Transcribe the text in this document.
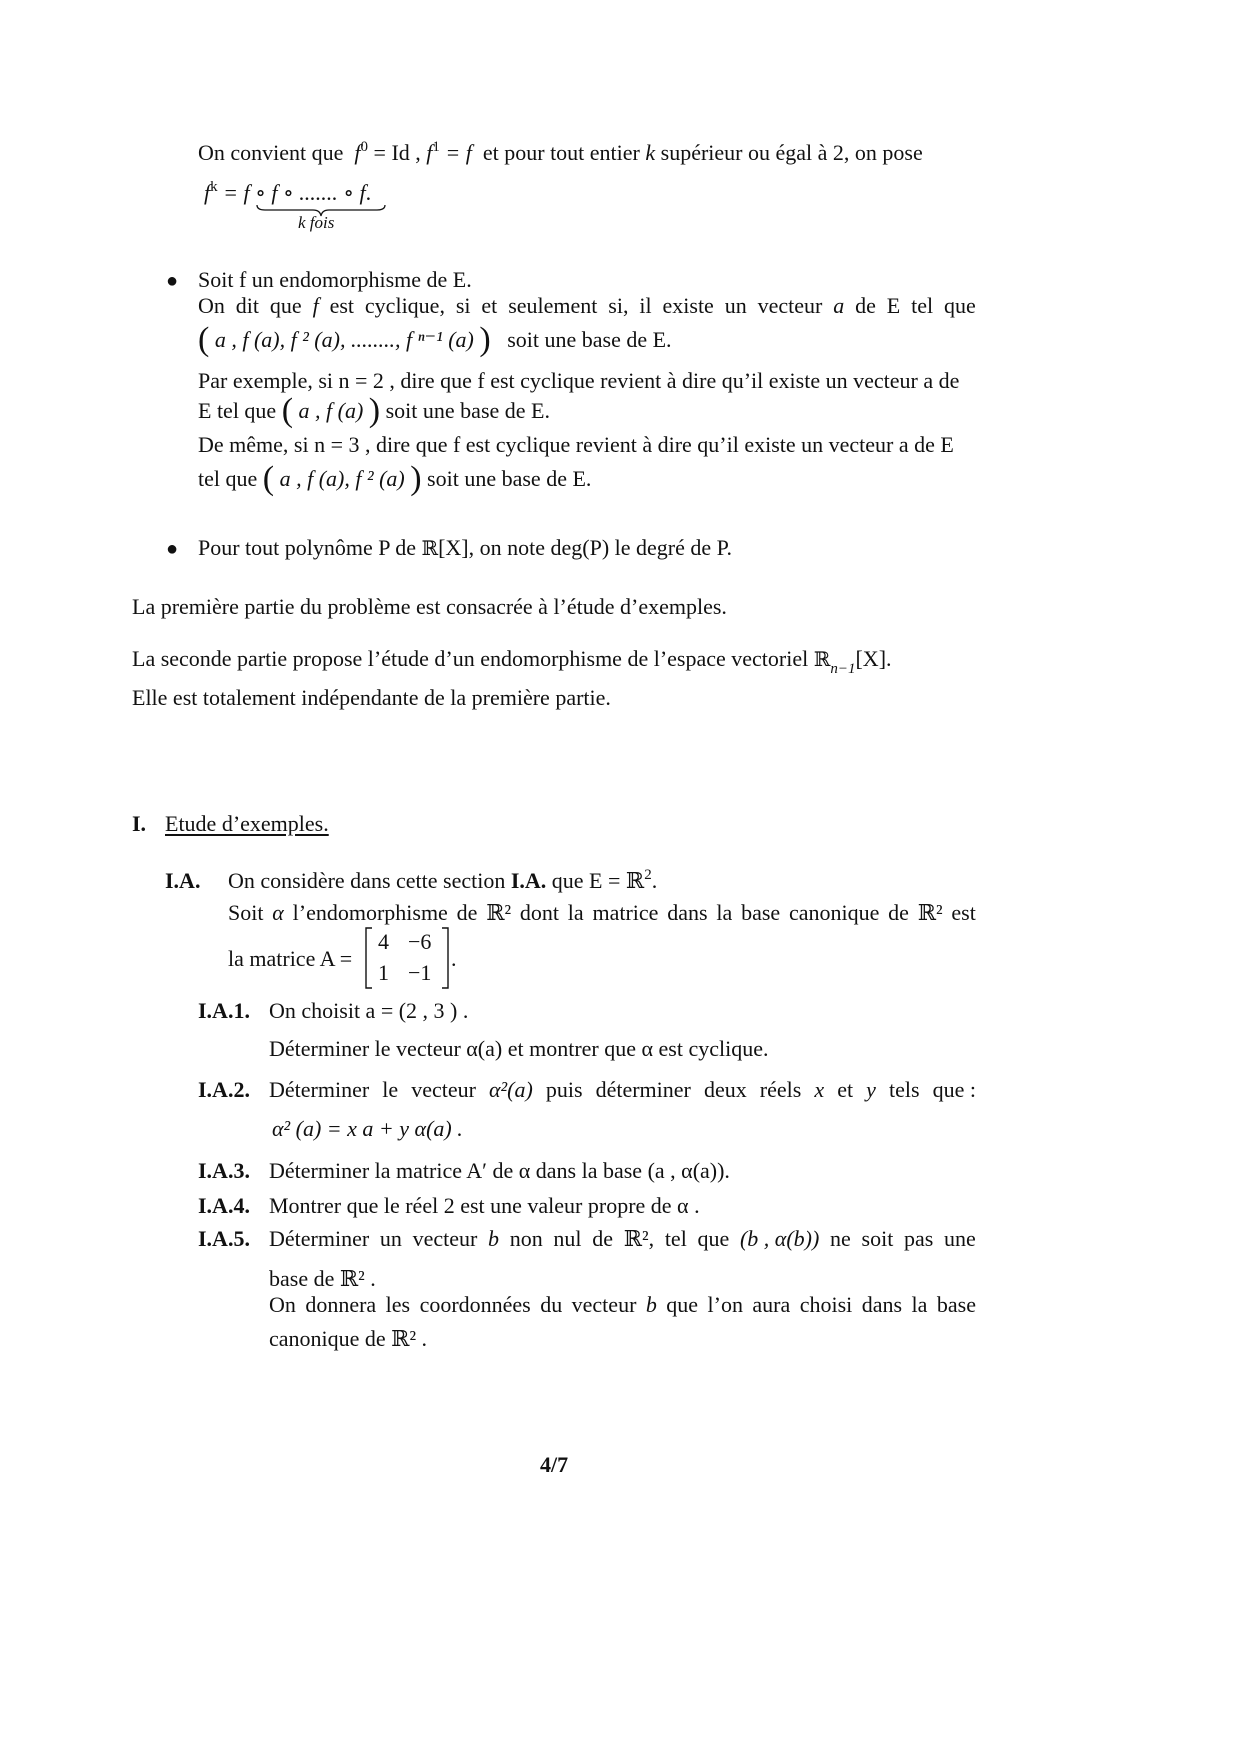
On convient que $f^0 = Id$ , $f^1 = f$ et pour tout entier k supérieur ou égal à 2, on pose
$f^k = f$ ∘ f ∘ ....... ∘ f.
k fois
● Soit f un endomorphisme de E.
On dit que f est cyclique, si et seulement si, il existe un vecteur a de E tel que
( a , f (a), f ² (a), ........, f ⁿ⁻¹ (a) ) soit une base de E.
Par exemple, si n = 2 , dire que f est cyclique revient à dire qu’il existe un vecteur a de
E tel que ( a , f (a) ) soit une base de E.
De même, si n = 3 , dire que f est cyclique revient à dire qu’il existe un vecteur a de E
tel que ( a , f (a), f ² (a) ) soit une base de E.
● Pour tout polynôme P de ℝ[X], on note deg(P) le degré de P.
La première partie du problème est consacrée à l’étude d’exemples.
La seconde partie propose l’étude d’un endomorphisme de l’espace vectoriel ℝ$_{n-1}$[X].
Elle est totalement indépendante de la première partie.
I. Etude d’exemples.
I.A. On considère dans cette section I.A. que E = ℝ$^2$.
Soit α l’endomorphisme de ℝ² dont la matrice dans la base canonique de ℝ² est
la matrice A =
4 −6
1 −1
.
I.A.1. On choisit a = (2 , 3 ) .
Déterminer le vecteur α(a) et montrer que α est cyclique.
I.A.2. Déterminer le vecteur α²(a) puis déterminer deux réels x et y tels que :
α² (a) = x a + y α(a) .
I.A.3. Déterminer la matrice A′ de α dans la base (a , α(a)).
I.A.4. Montrer que le réel 2 est une valeur propre de α .
I.A.5. Déterminer un vecteur b non nul de ℝ², tel que (b , α(b)) ne soit pas une
base de ℝ² .
On donnera les coordonnées du vecteur b que l’on aura choisi dans la base
canonique de ℝ² .
4/7
